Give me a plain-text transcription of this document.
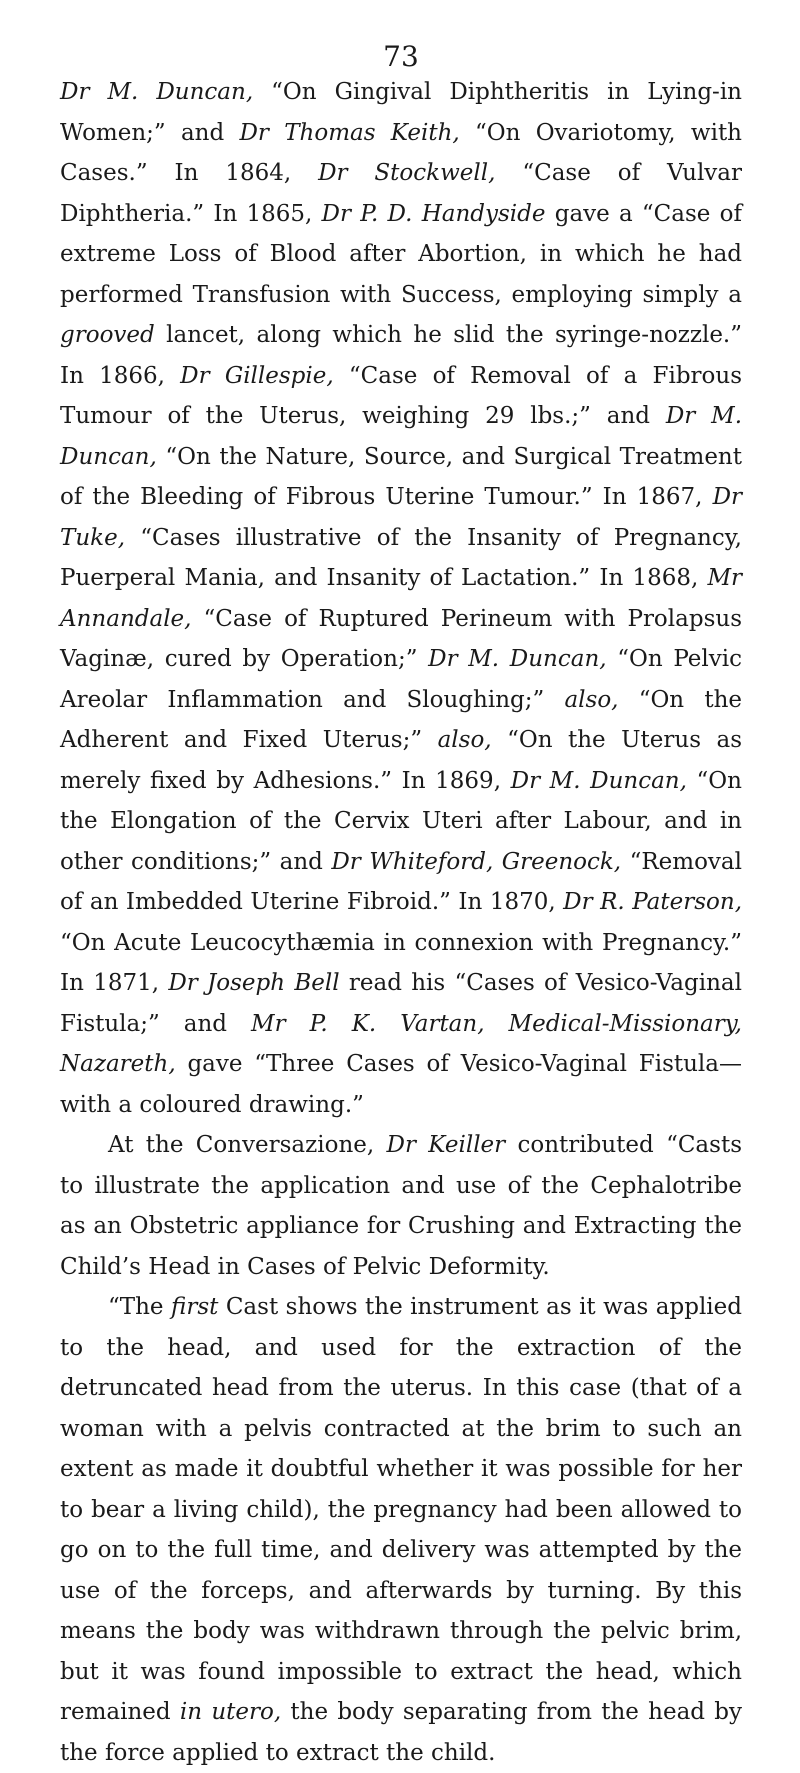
73

Dr M. Duncan, “On Gingival Diphtheritis in Lying-in Women;” and Dr Thomas Keith, “On Ovariotomy, with Cases.” In 1864, Dr Stockwell, “Case of Vulvar Diphtheria.” In 1865, Dr P. D. Handyside gave a “Case of extreme Loss of Blood after Abortion, in which he had performed Transfusion with Success, employing simply a grooved lancet, along which he slid the syringe-nozzle.” In 1866, Dr Gillespie, “Case of Removal of a Fibrous Tumour of the Uterus, weighing 29 lbs.;” and Dr M. Duncan, “On the Nature, Source, and Surgical Treatment of the Bleeding of Fibrous Uterine Tumour.” In 1867, Dr Tuke, “Cases illustrative of the Insanity of Pregnancy, Puerperal Mania, and Insanity of Lactation.” In 1868, Mr Annandale, “Case of Ruptured Perineum with Prolapsus Vaginæ, cured by Operation;” Dr M. Duncan, “On Pelvic Areolar Inflammation and Sloughing;” also, “On the Adherent and Fixed Uterus;” also, “On the Uterus as merely fixed by Adhesions.” In 1869, Dr M. Duncan, “On the Elongation of the Cervix Uteri after Labour, and in other conditions;” and Dr Whiteford, Greenock, “Removal of an Imbedded Uterine Fibroid.” In 1870, Dr R. Paterson, “On Acute Leucocythæmia in connexion with Pregnancy.” In 1871, Dr Joseph Bell read his “Cases of Vesico-Vaginal Fistula;” and Mr P. K. Vartan, Medical-Missionary, Nazareth, gave “Three Cases of Vesico-Vaginal Fistula—with a coloured drawing.”

At the Conversazione, Dr Keiller contributed “Casts to illustrate the application and use of the Cephalotribe as an Obstetric appliance for Crushing and Extracting the Child’s Head in Cases of Pelvic Deformity.

“The first Cast shows the instrument as it was applied to the head, and used for the extraction of the detruncated head from the uterus. In this case (that of a woman with a pelvis contracted at the brim to such an extent as made it doubtful whether it was possible for her to bear a living child), the pregnancy had been allowed to go on to the full time, and delivery was attempted by the use of the forceps, and afterwards by turning. By this means the body was withdrawn through the pelvic brim, but it was found impossible to extract the head, which remained in utero, the body separating from the head by the force applied to extract the child.
